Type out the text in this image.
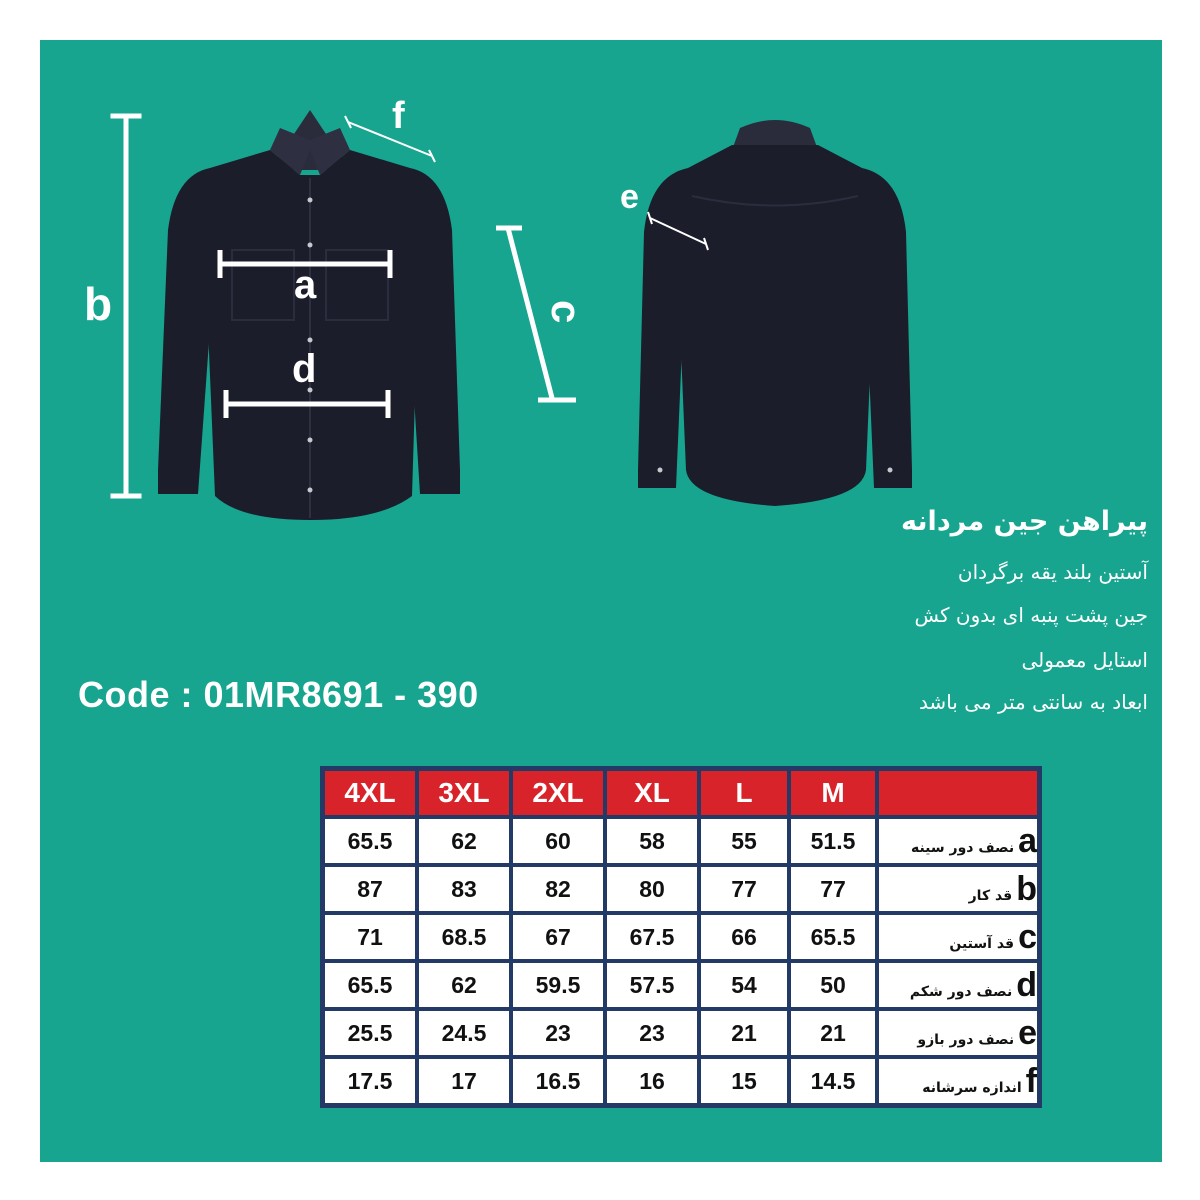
b	a
d
f
e
c
پیراهن جین مردانه
آستین بلند یقه برگردان
جین پشت پنبه ای بدون کش
استایل معمولی
ابعاد به سانتی متر می باشد
Code : 01MR8691 - 390
4XL	3XL	2XL	XL	L	M	
65.5	62	60	58	55	51.5	aنصف دور سینه
87	83	82	80	77	77	bقد کار
71	68.5	67	67.5	66	65.5	cقد آستین
65.5	62	59.5	57.5	54	50	dنصف دور شکم
25.5	24.5	23	23	21	21	eنصف دور بازو
17.5	17	16.5	16	15	14.5	fاندازه سرشانه
